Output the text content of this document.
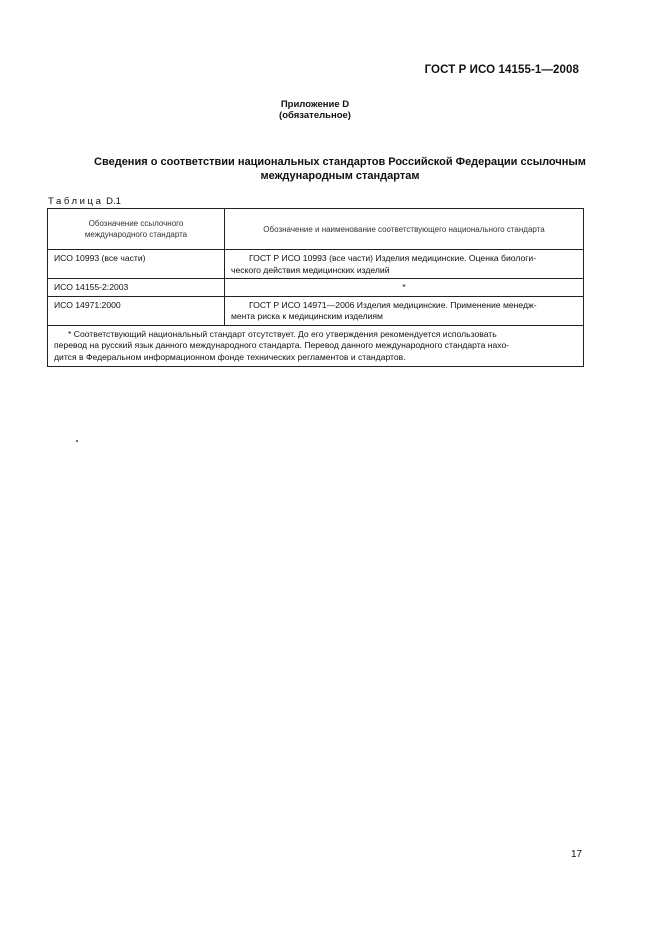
ГОСТ Р ИСО 14155-1—2008
Приложение D
(обязательное)
Сведения о соответствии национальных стандартов Российской Федерации ссылочным
международным стандартам
Таблица D.1
Обозначение ссылочного
международного стандарта	Обозначение и наименование соответствующего национального стандарта
ИСО 10993 (все части)	ГОСТ Р ИСО 10993 (все части) Изделия медицинские. Оценка биологи-
ческого действия медицинских изделий

ИСО 14155-2:2003	*

ИСО 14971:2000	ГОСТ Р ИСО 14971—2006 Изделия медицинские. Применение менедж-
мента риска к медицинским изделиям

* Соответствующий национальный стандарт отсутствует. До его утверждения рекомендуется использовать
перевод на русский язык данного международного стандарта. Перевод данного международного стандарта нахо-
дится в Федеральном информационном фонде технических регламентов и стандартов.	
17
